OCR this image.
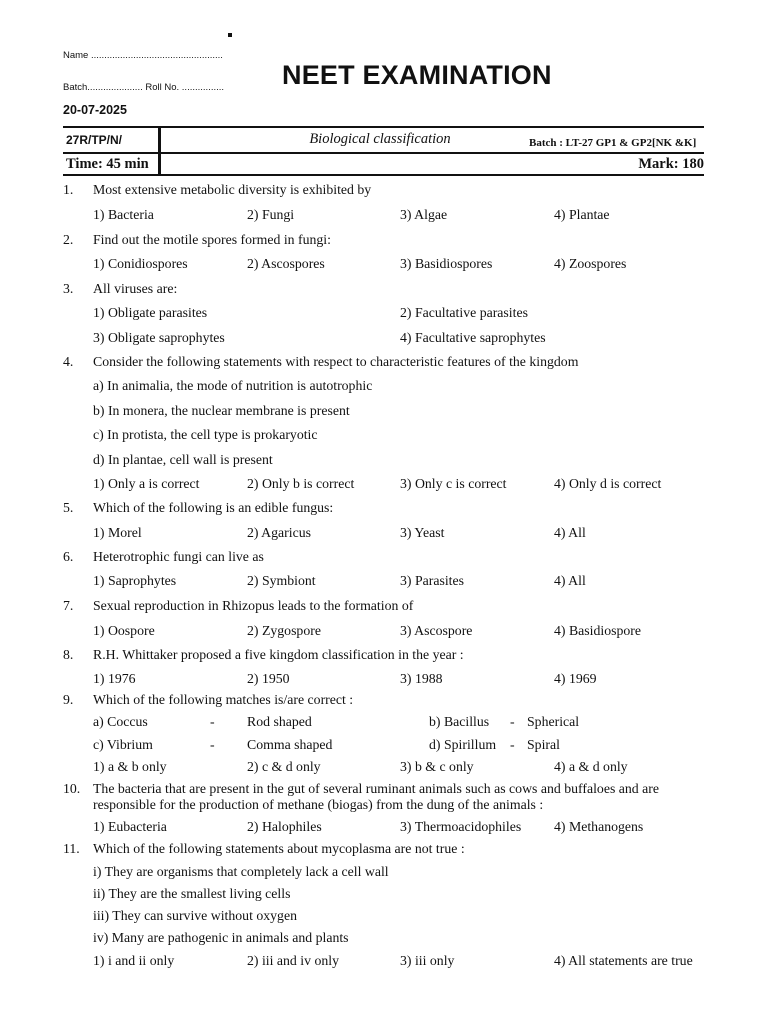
Name ..................................................
Batch..................... Roll No. ................ NEET EXAMINATION
20-07-2025
27R/TP/N/	Biological classification	Batch : LT-27 GP1 & GP2[NK &K]
Time: 45 min	Mark: 180
1. Most extensive metabolic diversity is exhibited by
1) Bacteria	2) Fungi	3) Algae	4) Plantae
2. Find out the motile spores formed in fungi:
1) Conidiospores	2) Ascospores	3) Basidiospores	4) Zoospores
3. All viruses are:
1) Obligate parasites	2) Facultative parasites
3) Obligate saprophytes	4) Facultative saprophytes
4. Consider the following statements with respect to characteristic features of the kingdom
a) In animalia, the mode of nutrition is autotrophic
b) In monera, the nuclear membrane is present
c) In protista, the cell type is prokaryotic
d) In plantae, cell wall is present
1) Only a is correct	2) Only b is correct	3) Only c is correct	4) Only d is correct
5. Which of the following is an edible fungus:
1) Morel	2) Agaricus	3) Yeast	4) All
6. Heterotrophic fungi can live as
1) Saprophytes	2) Symbiont	3) Parasites	4) All
7. Sexual reproduction in Rhizopus leads to the formation of
1) Oospore	2) Zygospore	3) Ascospore	4) Basidiospore
8. R.H. Whittaker proposed a five kingdom classification in the year :
1) 1976	2) 1950	3) 1988	4) 1969
9. Which of the following matches is/are correct :
a) Coccus	- Rod shaped	b) Bacillus - Spherical
c) Vibrium	- Comma shaped	d) Spirillum - Spiral
1) a & b only	2) c & d only	3) b & c only	4) a & d only
10. The bacteria that are present in the gut of several ruminant animals such as cows and buffaloes and are responsible for the production of methane (biogas) from the dung of the animals :
1) Eubacteria	2) Halophiles	3) Thermoacidophiles 4) Methanogens
11. Which of the following statements about mycoplasma are not true :
i) They are organisms that completely lack a cell wall
ii) They are the smallest living cells
iii) They can survive without oxygen
iv) Many are pathogenic in animals and plants
1) i and ii only	2) iii and iv only	3) iii only	4) All statements are true
